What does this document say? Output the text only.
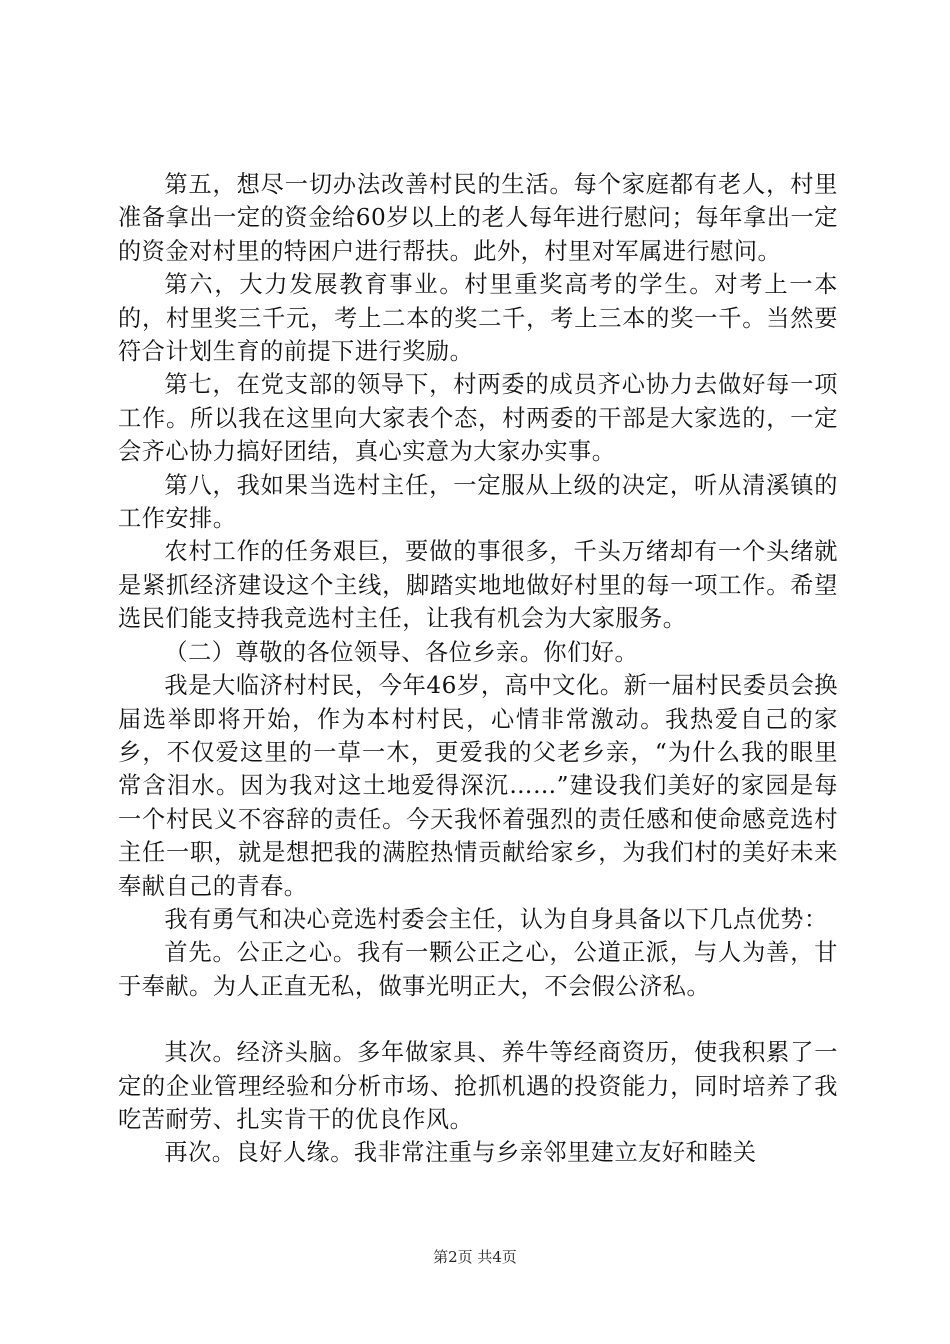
第五，想尽一切办法改善村民的生活。每个家庭都有老人，村里准备拿出一定的资金给60岁以上的老人每年进行慰问；每年拿出一定的资金对村里的特困户进行帮扶。此外，村里对军属进行慰问。

第六，大力发展教育事业。村里重奖高考的学生。对考上一本的，村里奖三千元，考上二本的奖二千，考上三本的奖一千。当然要符合计划生育的前提下进行奖励。

第七，在党支部的领导下，村两委的成员齐心协力去做好每一项工作。所以我在这里向大家表个态，村两委的干部是大家选的，一定会齐心协力搞好团结，真心实意为大家办实事。

第八，我如果当选村主任，一定服从上级的决定，听从清溪镇的工作安排。

农村工作的任务艰巨，要做的事很多，千头万绪却有一个头绪就是紧抓经济建设这个主线，脚踏实地地做好村里的每一项工作。希望选民们能支持我竞选村主任，让我有机会为大家服务。

（二）尊敬的各位领导、各位乡亲。你们好。

我是大临济村村民，今年46岁，高中文化。新一届村民委员会换届选举即将开始，作为本村村民，心情非常激动。我热爱自己的家乡，不仅爱这里的一草一木，更爱我的父老乡亲，“为什么我的眼里常含泪水。因为我对这土地爱得深沉……”建设我们美好的家园是每一个村民义不容辞的责任。今天我怀着强烈的责任感和使命感竞选村主任一职，就是想把我的满腔热情贡献给家乡，为我们村的美好未来奉献自己的青春。

我有勇气和决心竞选村委会主任，认为自身具备以下几点优势：

首先。公正之心。我有一颗公正之心，公道正派，与人为善，甘于奉献。为人正直无私，做事光明正大，不会假公济私。

其次。经济头脑。多年做家具、养牛等经商资历，使我积累了一定的企业管理经验和分析市场、抢抓机遇的投资能力，同时培养了我吃苦耐劳、扎实肯干的优良作风。

再次。良好人缘。我非常注重与乡亲邻里建立友好和睦关

第2页 共4页
